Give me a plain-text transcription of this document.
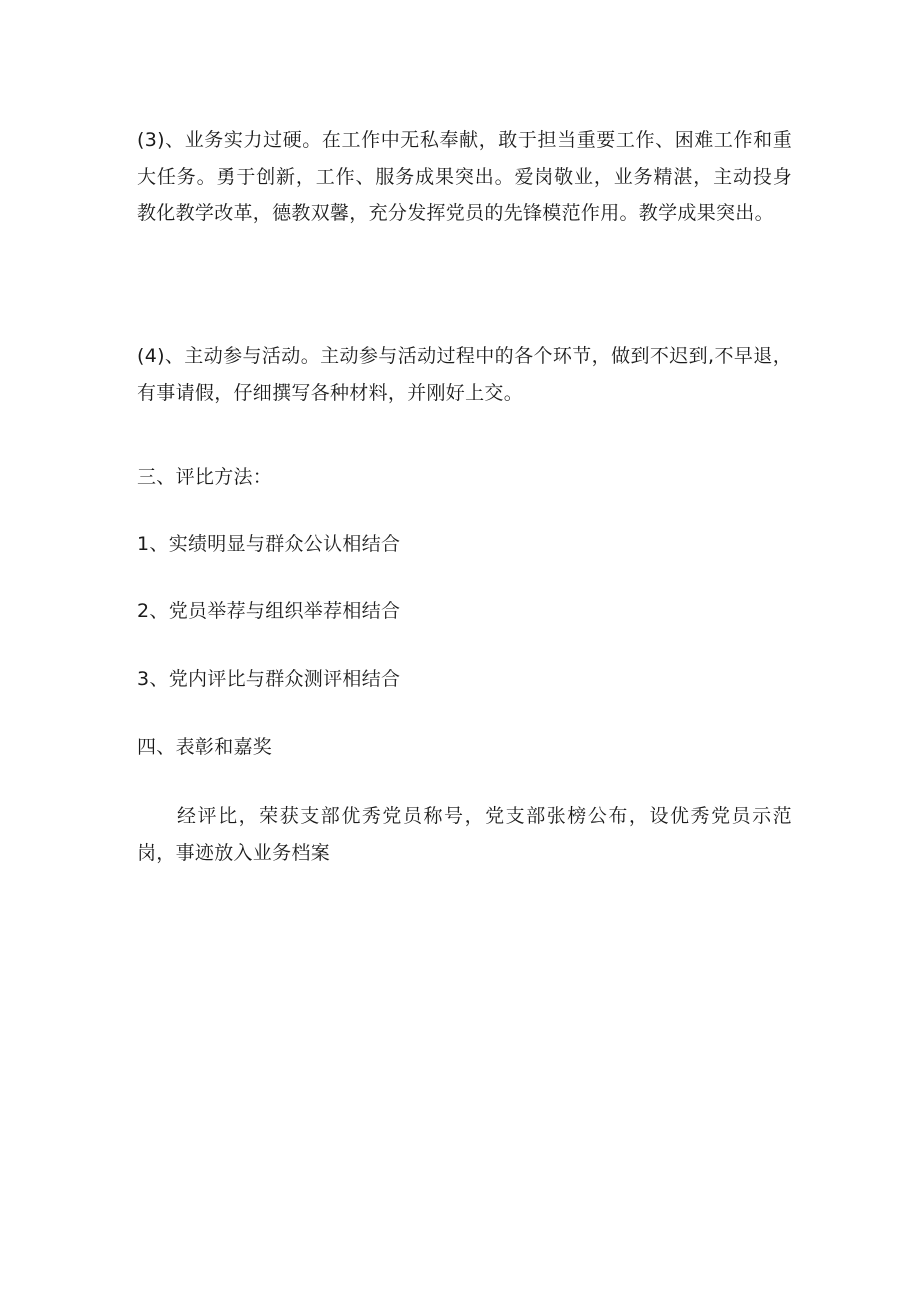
(3)、业务实力过硬。在工作中无私奉献，敢于担当重要工作、困难工作和重大任务。勇于创新，工作、服务成果突出。爱岗敬业，业务精湛，主动投身教化教学改革，德教双馨，充分发挥党员的先锋模范作用。教学成果突出。

(4)、主动参与活动。主动参与活动过程中的各个环节，做到不迟到,不早退，有事请假，仔细撰写各种材料，并刚好上交。

三、评比方法：

1、实绩明显与群众公认相结合

2、党员举荐与组织举荐相结合

3、党内评比与群众测评相结合

四、表彰和嘉奖

经评比，荣获支部优秀党员称号，党支部张榜公布，设优秀党员示范岗，事迹放入业务档案
